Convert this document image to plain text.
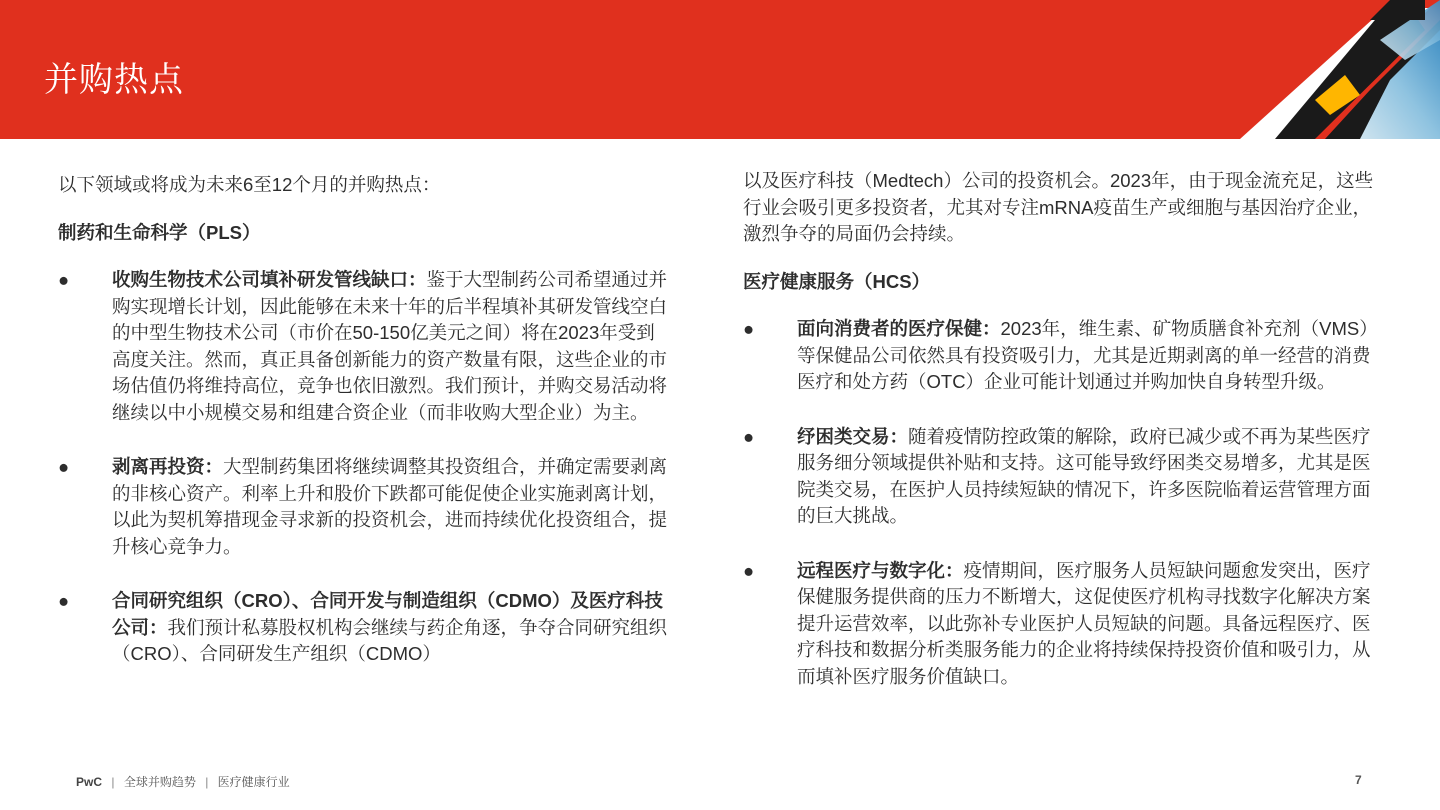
并购热点

以下领域或将成为未来6至12个月的并购热点：

制药和生命科学（PLS）

●	收购生物技术公司填补研发管线缺口：鉴于大型制药公司希望通过并购实现增长计划，因此能够在未来十年的后半程填补其研发管线空白的中型生物技术公司（市价在50-150亿美元之间）将在2023年受到高度关注。然而，真正具备创新能力的资产数量有限，这些企业的市场估值仍将维持高位，竞争也依旧激烈。我们预计，并购交易活动将继续以中小规模交易和组建合资企业（而非收购大型企业）为主。
●	剥离再投资：大型制药集团将继续调整其投资组合，并确定需要剥离的非核心资产。利率上升和股价下跌都可能促使企业实施剥离计划，以此为契机筹措现金寻求新的投资机会，进而持续优化投资组合，提升核心竞争力。
●	合同研究组织（CRO）、合同开发与制造组织（CDMO）及医疗科技公司：我们预计私募股权机构会继续与药企角逐，争夺合同研究组织（CRO）、合同研发生产组织（CDMO）

以及医疗科技（Medtech）公司的投资机会。2023年，由于现金流充足，这些行业会吸引更多投资者，尤其对专注mRNA疫苗生产或细胞与基因治疗企业，激烈争夺的局面仍会持续。

医疗健康服务（HCS）

●	面向消费者的医疗保健：2023年，维生素、矿物质膳食补充剂（VMS）等保健品公司依然具有投资吸引力，尤其是近期剥离的单一经营的消费医疗和处方药（OTC）企业可能计划通过并购加快自身转型升级。
●	纾困类交易：随着疫情防控政策的解除，政府已减少或不再为某些医疗服务细分领域提供补贴和支持。这可能导致纾困类交易增多，尤其是医院类交易，在医护人员持续短缺的情况下，许多医院临着运营管理方面的巨大挑战。
●	远程医疗与数字化：疫情期间，医疗服务人员短缺问题愈发突出，医疗保健服务提供商的压力不断增大，这促使医疗机构寻找数字化解决方案提升运营效率，以此弥补专业医护人员短缺的问题。具备远程医疗、医疗科技和数据分析类服务能力的企业将持续保持投资价值和吸引力，从而填补医疗服务价值缺口。
PwC | 全球并购趋势 | 医疗健康行业	7
